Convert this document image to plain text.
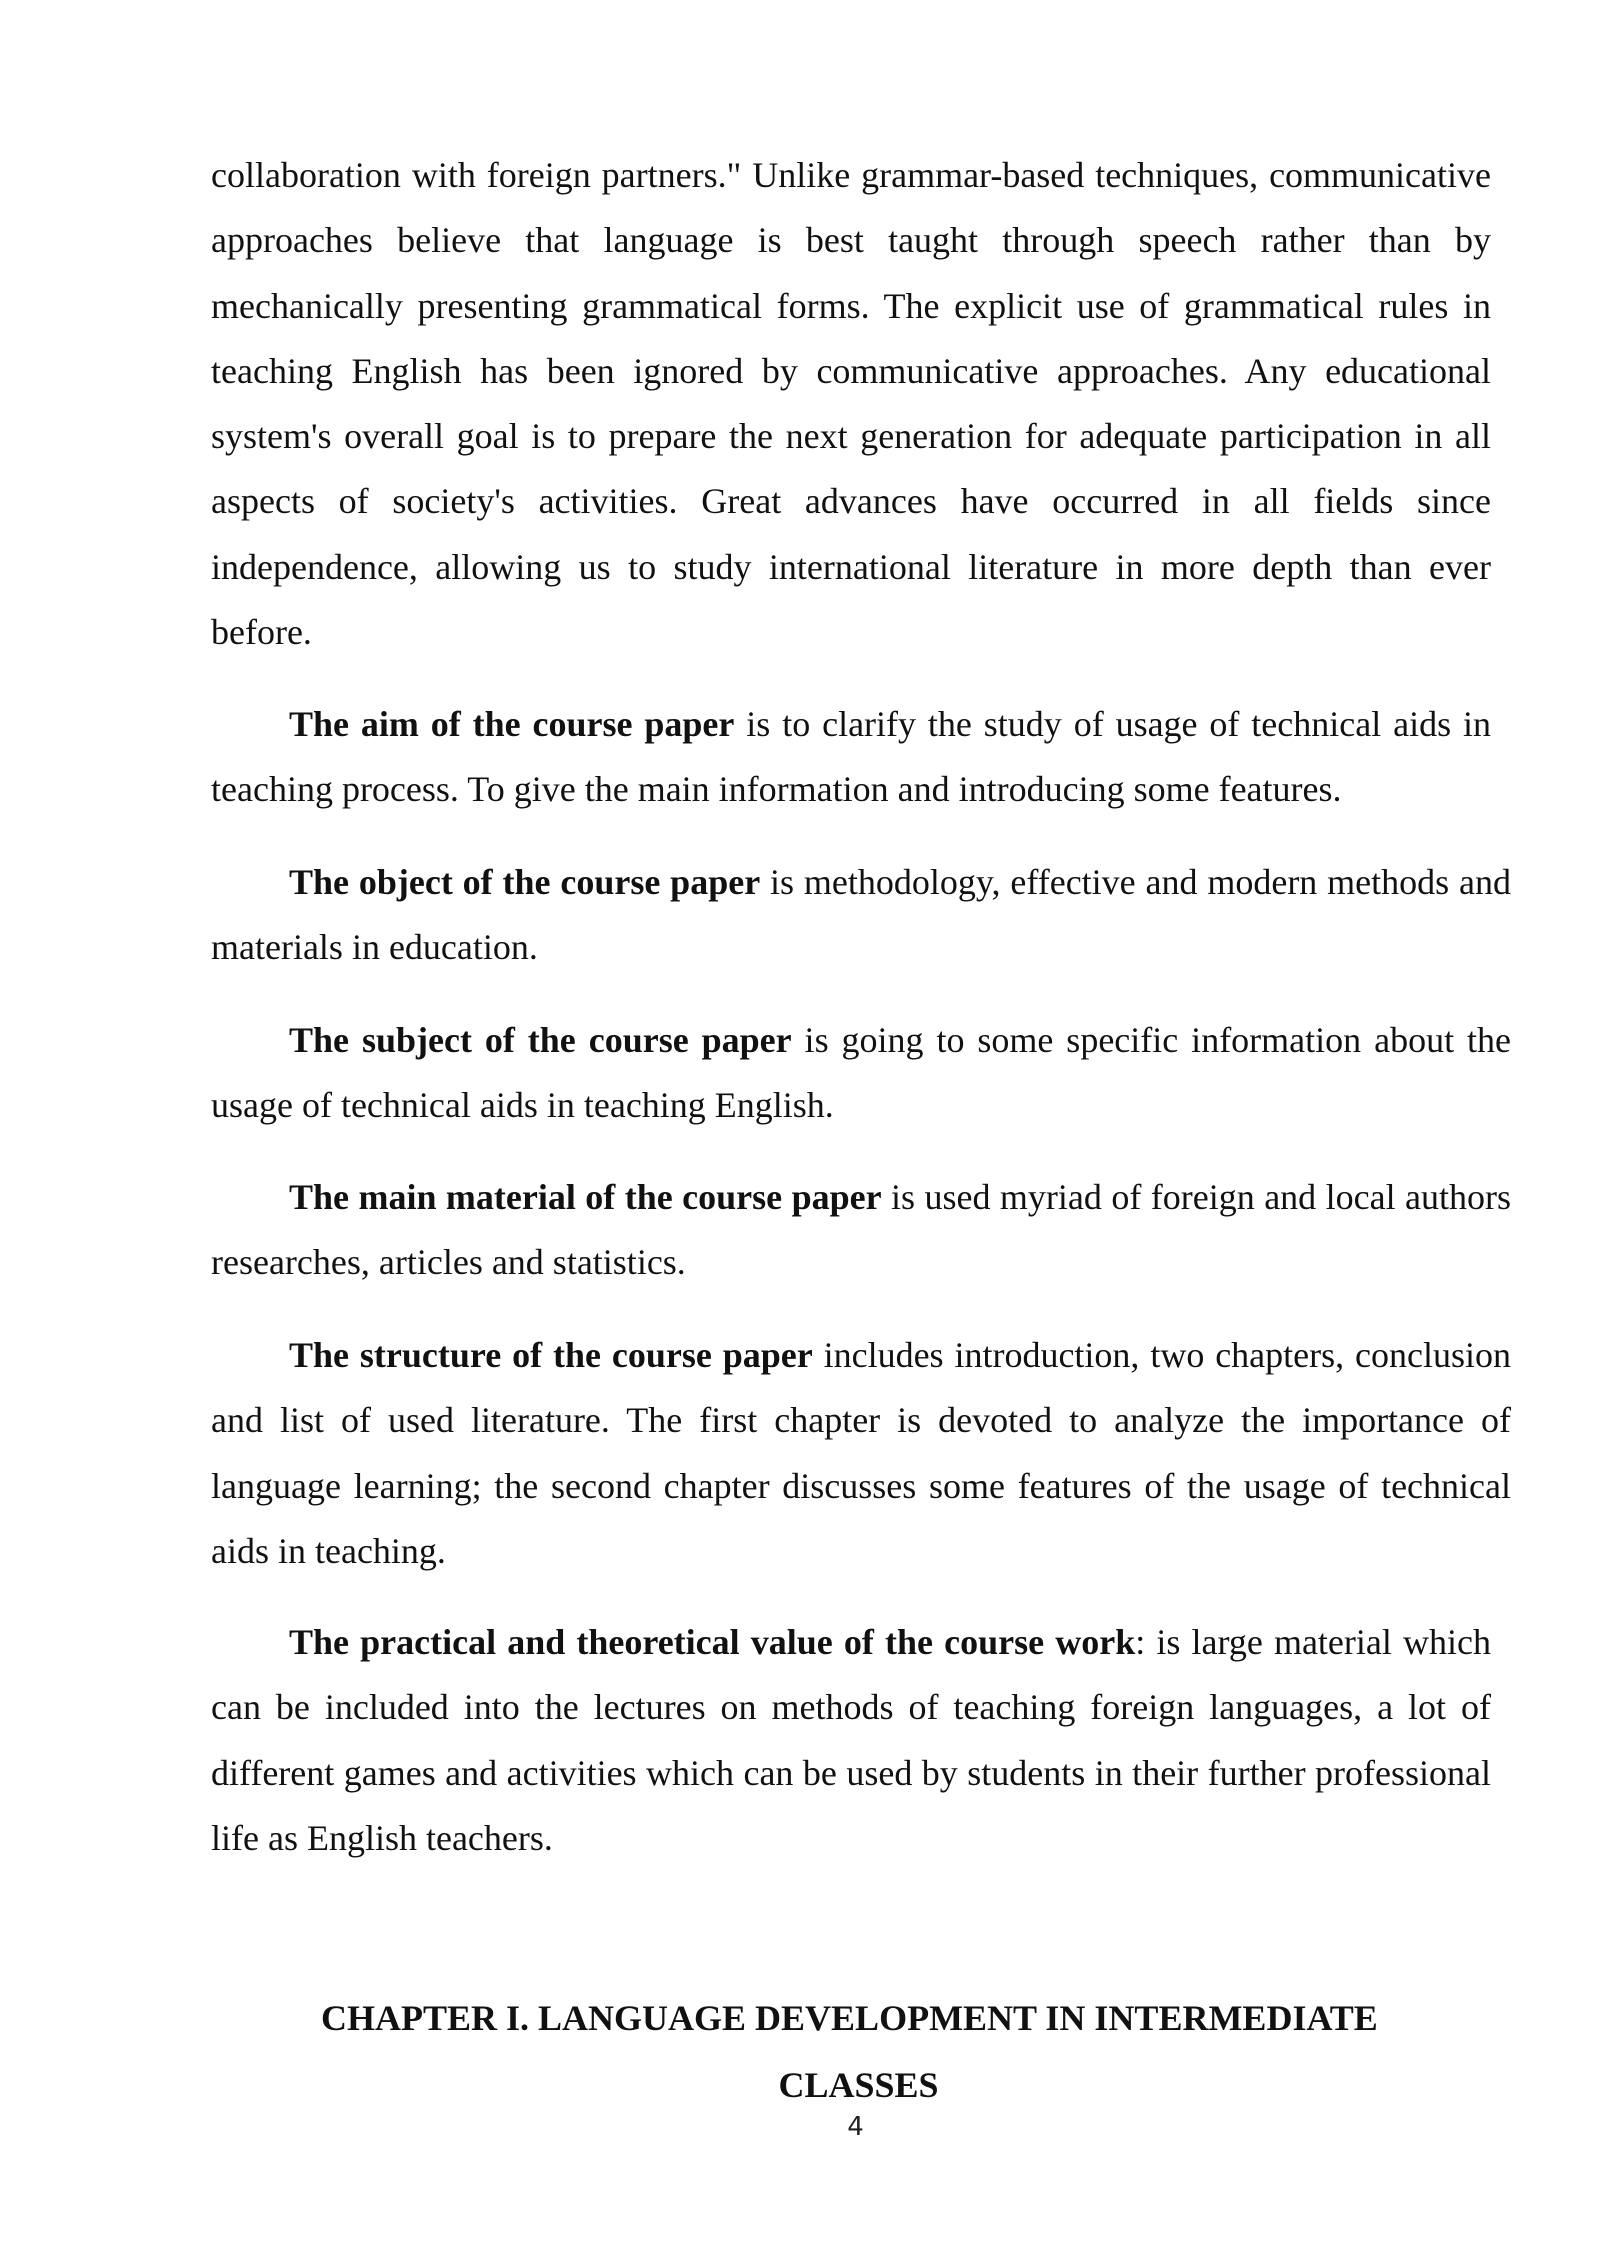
collaboration with foreign partners." Unlike grammar-based techniques, communicative approaches believe that language is best taught through speech rather than by mechanically presenting grammatical forms. The explicit use of grammatical rules in teaching English has been ignored by communicative approaches. Any educational system's overall goal is to prepare the next generation for adequate participation in all aspects of society's activities. Great advances have occurred in all fields since independence, allowing us to study international literature in more depth than ever before.

The aim of the course paper is to clarify the study of usage of technical aids in teaching process. To give the main information and introducing some features.

The object of the course paper is methodology, effective and modern methods and materials in education.

The subject of the course paper is going to some specific information about the usage of technical aids in teaching English.

The main material of the course paper is used myriad of foreign and local authors researches, articles and statistics.

The structure of the course paper includes introduction, two chapters, conclusion and list of used literature. The first chapter is devoted to analyze the importance of language learning; the second chapter discusses some features of the usage of technical aids in teaching.

The practical and theoretical value of the course work: is large material which can be included into the lectures on methods of teaching foreign languages, a lot of different games and activities which can be used by students in their further professional life as English teachers.

CHAPTER I. LANGUAGE DEVELOPMENT IN INTERMEDIATE
CLASSES

4
